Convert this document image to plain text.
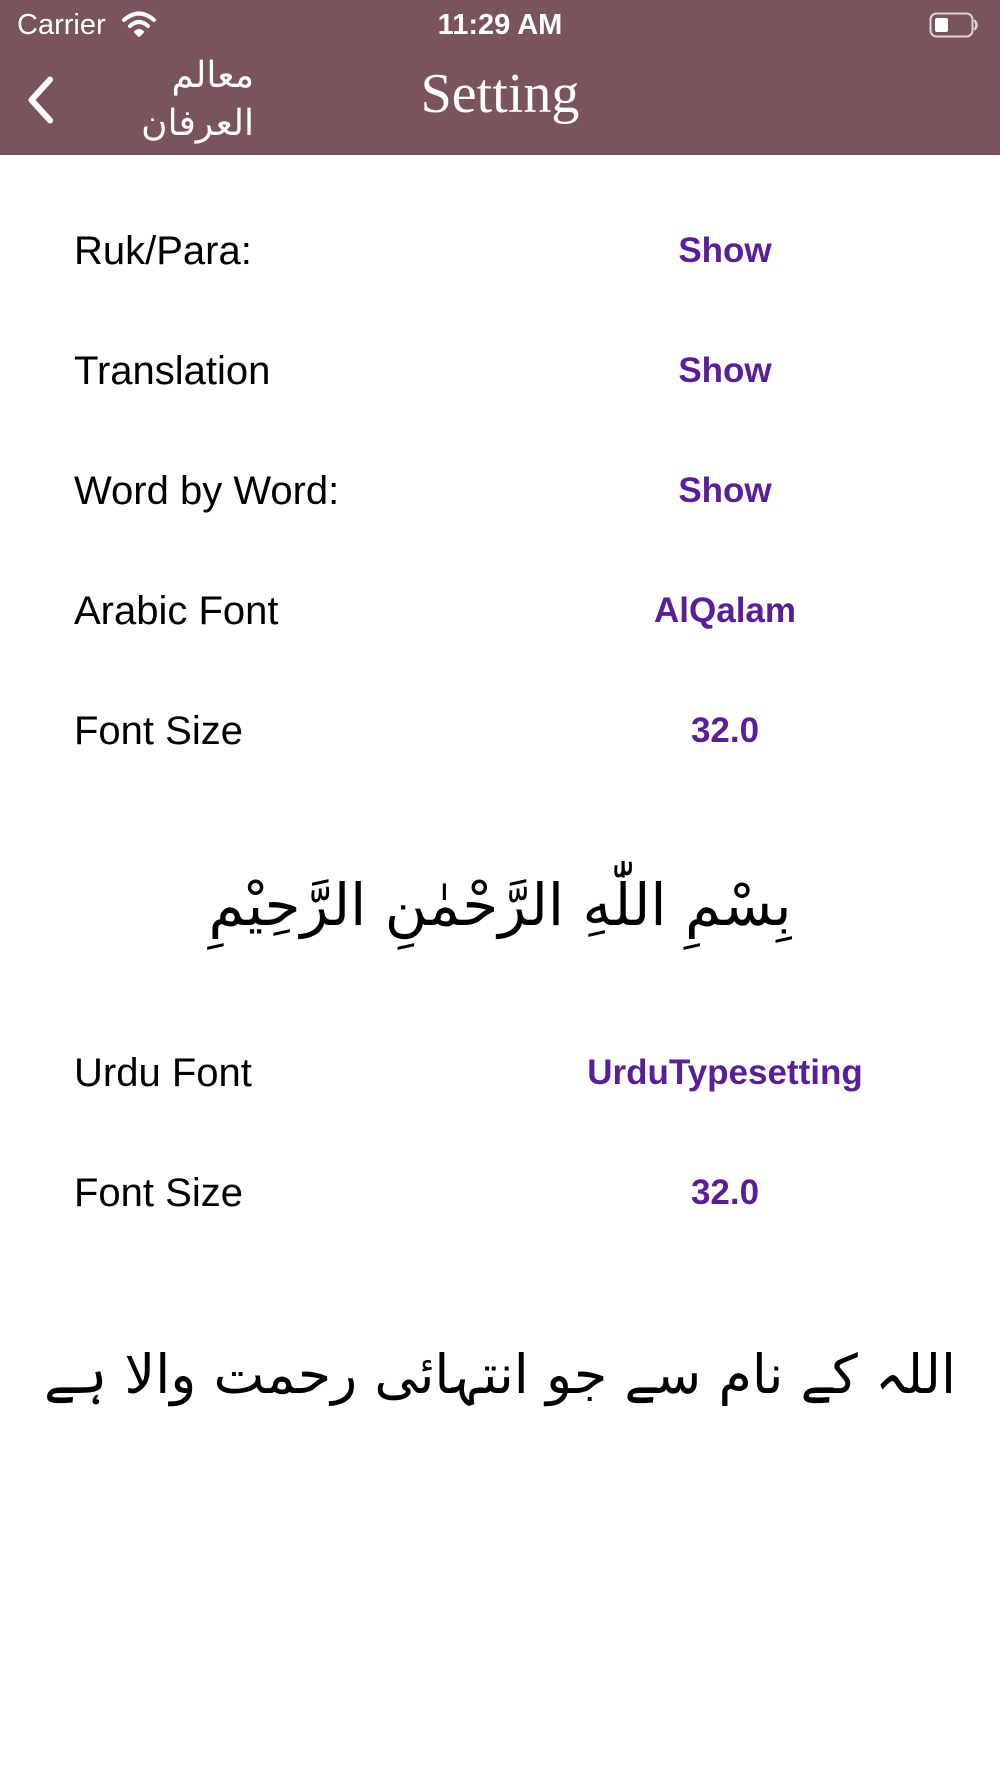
Carrier	11:29 AM
معالم العرفان	Setting
Ruk/Para:	Show
Translation	Show
Word by Word:	Show
Arabic Font	AlQalam
Font Size	32.0
Urdu Font	UrduTypesetting
Font Size	32.0
بِسْمِ اللّٰهِ الرَّحْمٰنِ الرَّحِيْمِ
اللہ کے نام سے جو انتہائی رحمت والا ہے
